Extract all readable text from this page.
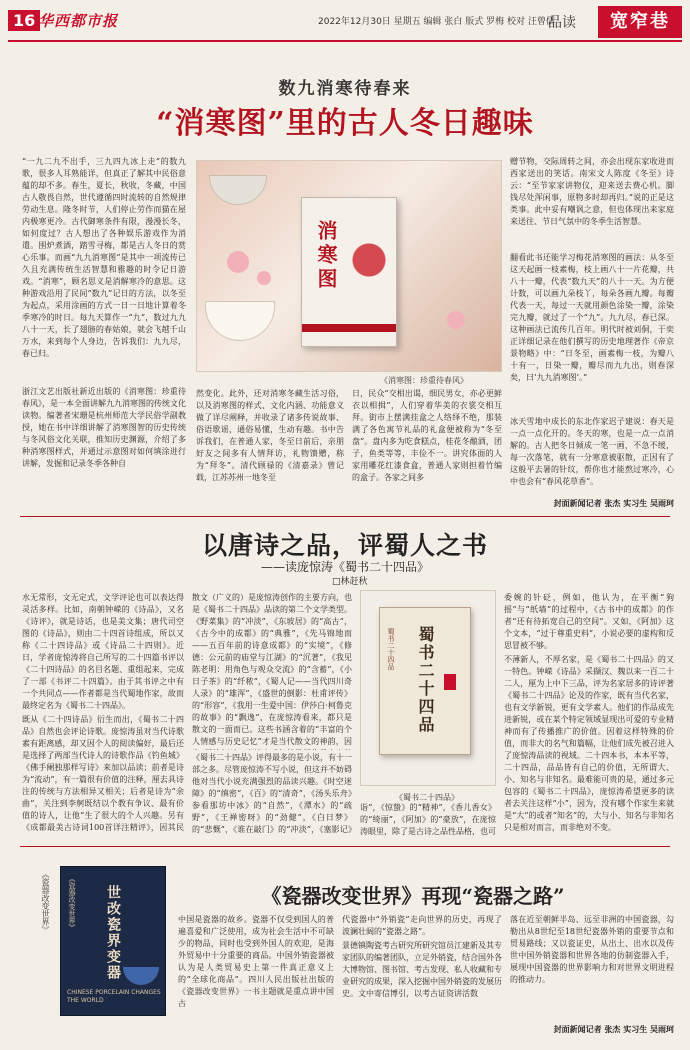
16 华西都市报	2022年12月30日 星期五 编辑 张白 版式 罗梅 校对 汪曾儒
品读	宽窄巷
数九消寒待春来
“消寒图”里的古人冬日趣味
“一九二九不出手，三九四九冰上走”的数九歌，很多人耳熟能详，但真正了解其中民俗意蕴的却不多。春生，夏长，秋收，冬藏，中国古人敬畏自然，世代遵循四时流转的自然规律劳动生息。隆冬时节，人们停止劳作而猫在屋内极寒更冷。古代御寒条件有限，漫漫长冬，如何度过？古人想出了各种娱乐游戏作为消遣。围炉煮酒，踏雪寻梅，都是古人冬日的赏心乐事。而画“九九消寒图”是其中一项流传已久且充满传统生活智慧和雅趣的时令记日游戏。“消寒”，顾名思义是消解寒冷的意思。这种游戏沿用了民间“数九”记日的方法，以冬至为起点，采用涂画的方式一日一日地计算着冬季寒冷的时日。每九天算作一“九”，数过九九八十一天，长了翅膀的春姑娘，就会飞越千山万水，来到每个人身边，告诉我们：九九尽，春已归。
浙江文艺出版社新近出版的《消寒图：珍重待春风》，是一本全面讲解九九消寒图的传统文化读物。编著者宋珊是杭州师范大学民俗学副教授，她在书中详细讲解了消寒图智的历史传统与冬风俗文化关联，推知历史渊源，介绍了多种消寒图样式，并通过示意图对如何填涂进行讲解，发掘和记录冬季各种自
消寒图
《消寒图：珍重待春风》
然变化。此外，还对消寒冬藏生活习俗，以及消寒图的样式、文化内涵、功能意义做了详尽阐释，并收录了诸多传说故事、俗语歌谣，通俗易懂，生动有趣。书中告诉我们，在普通人家，冬至日前后，亲朋好友之间多有人情拜访，礼物馈赠，称为“拜冬”。清代顾禄的《清嘉录》曾记载，江苏苏州一地冬至
日，民众“交相出谒，细民男女，亦必更鲜衣以相揖”，人们穿着华美的衣裳交相互拜。街市上摆满挂盒之人络绎不绝，那装满了各色寓节礼品的礼盒便被称为“冬至盘”。盘内多为吃食糕点，桂花冬酿酒，团子，鱼类等等，丰俭不一。讲究体面的人家用雕花红漆食盒，普通人家则担着竹编的盒子。各家之间多
赠节物，交际周转之间，亦会出现东家收进而西家送出的笑话。南宋文人陈度《冬至》诗云：“至节家家讲物仪，迎来送去费心机。脚钱尽处浑闲事，原物多时却再归。”说的正是这类事。此中妥有嘲讽之意，但也体现出来家庭来送往、节日气氛中的冬季生活智慧。
翻看此书还能学习梅花消寒图的画法：从冬至这天起画一枝素梅，枝上画八十一片花瓣，共八十一瓣，代表“数九天”的八十一天。为方便计数，可以画九朵枝丫，每朵各画九瓣。每瓣代表一天，每过一天就用颜色涂染一瓣，涂染完九瓣，就过了一个“九”。九九尽，春已深。这种画法已流传几百年。明代时被刘侗，于奕正详细记录在他们撰写的历史地理著作《帝京景物略》中：“日冬至，画素梅一枝，为瓣八十有一，日染一瓣，瓣尽而九九出，则春深矣，曰‘九九消寒图’。”
冰天雪地中成长的东北作家迟子建说：春天是一点一点化开的。冬天的寒，也是一点一点消解的。古人把冬日倾成一笔一画，不急不缓，每一次落笔，就有一分寒意被驱散，正因有了这般平去暑的针纹，帮你也才能熬过寒冷，心中也会有“春风花草香”。
封面新闻记者 张杰 实习生 吴雨珂
以唐诗之品，评蜀人之书
——读庞惊涛《蜀书二十四品》
□林赶秋
水无常形，文无定式，文学评论也可以表达得灵活多样。比如，南朝钟嵘的《诗品》，又名《诗评》，就是诗话，也是美文集；唐代司空图的《诗品》，则由二十四首诗组成，所以又称《二十四诗品》或《诗品二十四则》。近日，学者庞惊涛将自己所写的二十四篇书评以《二十四诗品》的名目名题、重组起来，完成了一部《书评二十四篇》。由于其书评之中有一个共同点——作者都是当代蜀地作家，故而最终定名为《蜀书二十四品》。
既从《二十四诗品》衍生而出，《蜀书二十四品》自然也会评论诗歌。庞惊涛虽对当代诗歌素有距离感，却又因个人的阅读偏好，最后还是选择了两部当代诗人的诗歌作品《钓鱼城》《佛手阑独那样写诗》来加以品读；前者是诗为“流动”，有一篇很有价值的注释，厘去具诗注的传统与方法相异又相关；后者是诗为“余曲”，关注到李舸既结以个教有争议、最有价值的诗人，让他“生了很大的个人兴趣。另有《成都最美古诗词100首详注精评》，因其民
散文（广义的）是庞惊涛创作的主要方向，也是《蜀书二十四品》品读的第二个文学类型。《野菜集》的“冲淡”，《东坡居》的“高古”，《古今中的成都》的“典雅”，《先马锦地而——五百年前的诗意成都》的“实境”，《修德：公元前的庙堂与江湖》的“沉著”，《我见陈老明：用角色与观众交流》的“含蓄”，《小日子茶》的“纤秾”，《蜀人记——当代四川奇人录》的“雄浑”，《盛世的倒影：杜甫评传》的“形容”，《我用一生爱中国：伊莎白·柯鲁克的故事》的“飘逸”，在庞惊涛看来，都只是散文的一面而已。这些书涵含着的“丰富的个人情感与历史记忆”才是当代散文的神韵，因
《蜀书二十四品》评得最多的是小说，有十一部之多。尽管庞惊涛不写小说，但这并不妨碍他对当代小说充满强烈的品读兴趣。《时空迷障》的“缜密”，《百》的“清奇”，《汤头乐舟》参看那坊中冰》的“自然”，《潭水》的“疏野”，《王禅密呀》的“劲健”，《白日梦》的“悲慨”，《谁在敲门》的“冲淡”，《塞影记》
蜀书二十四品 蜀书二十四品
《蜀书二十四品》
诣”，《惊蛰》的“精神”，《香儿香女》的“绮丽”，《阿加》的“豪放”，在庞惊涛眼里，除了是古诗之品性品格，也可
委婉的针砭，例如，他认为，在平衡“狗摇”与“纸墙”的过程中，《古书中的成都》的作者“还有待拓宽自己的空间”。又如，《阿加》这个文本，“过于尊重史料”，小说必要的虚构和反思冒被不够。
不薄新人，不厚名家，是《蜀书二十四品》的又一特色。钟嵘《诗品》采撷汉、魏以来一百二十二人，厘为上中下三品，评为名家居多的诗评著《蜀书二十四品》论及的作家，既有当代名家，也有文学新锐，更有文学素人。他们的作品成先进新锐，或在某个特定领域显现出可爱的专业精神而有了传播推广的价值。因着这样特殊的价值，而非大的名气和篇幅，让他们成先被召进入了庞惊涛品读的视域。二十四本书，本本平等，二十四品，品品皆有自己的价值，无所谓大、小、知名与非知名。最难能可贵的是，通过多元包容的《蜀书二十四品》，庞惊涛希望更多的读者去关注这样“小”，因为，没有哪个作家生来就是“大”的或者“知名”的，大与小、知名与非知名只是相对而言，而非绝对不变。
《瓷器改变世界》	《瓷器改变世界》 世改瓷界变器
CHINESE PORCELAIN CHANGES THE WORLD
《瓷器改变世界》再现“瓷器之路”
中国是瓷器的故乡。瓷器不仅受到国人的普遍喜爱和广泛使用，成为社会生活中不可缺少的物品，同时也受到外国人的欢迎，是海外贸易中十分重要的商品。中国外销瓷器被认为是人类贸易史上第一件真正意义上的“全球化商品”。四川人民出版社出版的《瓷器改变世界》一书主题就是重点讲中国古
代瓷器中“外销瓷”走向世界的历史，再现了波澜壮阔的“瓷器之路”。
景德镇陶瓷考古研究所研究馆员江建新及其专家团队的编著团队，立足外销瓷，结合国外各大博物馆、图书馆、考古发现、私人收藏和专业研究的成果，深入挖掘中国外销瓷的发展历史。文中寄信博引，以考古证资讲活数
落在近至朝鲜半岛、远至非洲的中国瓷器，勾勒出从8世纪至18世纪瓷器外销的重要节点和贸易路线；又以瓷证史，从出土、出水以及传世中国外销瓷器和世界各地的仿制瓷器入手，展现中国瓷器的世界影响力和对世界文明进程的推动力。
封面新闻记者 张杰 实习生 吴雨珂
